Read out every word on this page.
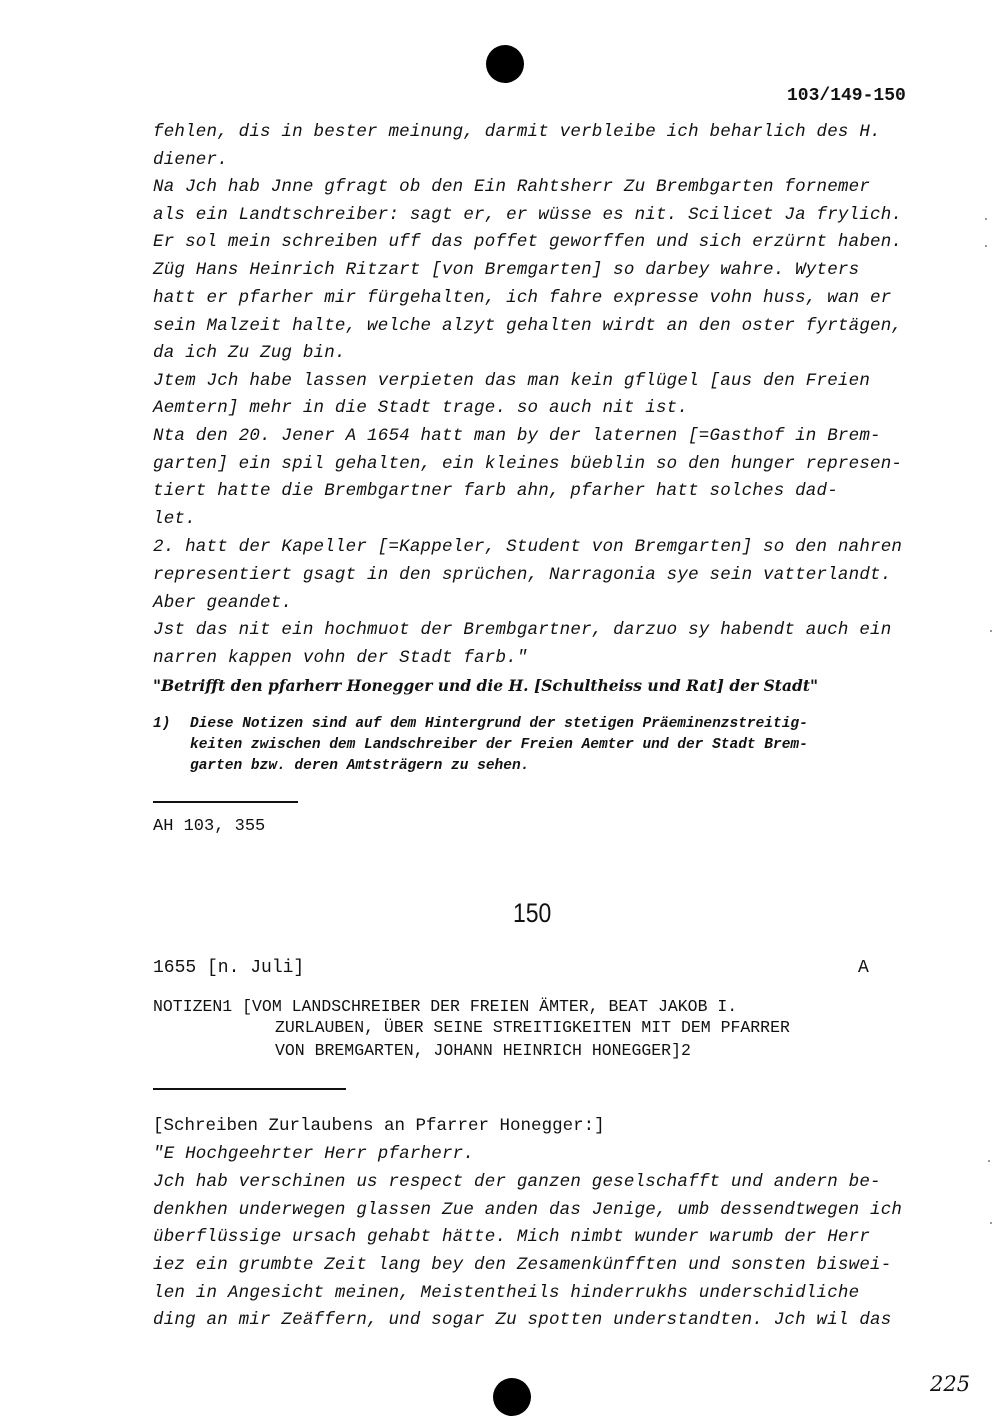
103/149-150
fehlen, dis in bester meinung, darmit verbleibe ich beharlich des H.
diener.
Na Jch hab Jnne gfragt ob den Ein Rahtsherr Zu Brembgarten fornemer
als ein Landtschreiber: sagt er, er wüsse es nit. Scilicet Ja frylich.
Er sol mein schreiben uff das poffet geworffen und sich erzürnt haben.
Züg Hans Heinrich Ritzart [von Bremgarten] so darbey wahre. Wyters
hatt er pfarher mir fürgehalten, ich fahre expresse vohn huss, wan er
sein Malzeit halte, welche alzyt gehalten wirdt an den oster fyrtägen,
da ich Zu Zug bin.
Jtem Jch habe lassen verpieten das man kein gflügel [aus den Freien
Aemtern] mehr in die Stadt trage. so auch nit ist.
Nta den 20. Jener A 1654 hatt man by der laternen [=Gasthof in Brem-
garten] ein spil gehalten, ein kleines büeblin so den hunger represen-
tiert hatte die Brembgartner farb ahn, pfarher hatt solches dad-
let.
2. hatt der Kapeller [=Kappeler, Student von Bremgarten] so den nahren
representiert gsagt in den sprüchen, Narragonia sye sein vatterlandt.
Aber geandet.
Jst das nit ein hochmuot der Brembgartner, darzuo sy habendt auch ein
narren kappen vohn der Stadt farb."
"Betrifft den pfarherr Honegger und die H. [Schultheiss und Rat] der Stadt"
1) Diese Notizen sind auf dem Hintergrund der stetigen Präeminenzstreitig-
keiten zwischen dem Landschreiber der Freien Aemter und der Stadt Brem-
garten bzw. deren Amtsträgern zu sehen.
AH 103, 355
150
1655 [n. Juli]	A
NOTIZEN1 [VOM LANDSCHREIBER DER FREIEN ÄMTER, BEAT JAKOB I.
ZURLAUBEN, ÜBER SEINE STREITIGKEITEN MIT DEM PFARRER
VON BREMGARTEN, JOHANN HEINRICH HONEGGER]2
[Schreiben Zurlaubens an Pfarrer Honegger:]
"E Hochgeehrter Herr pfarherr.
Jch hab verschinen us respect der ganzen geselschafft und andern be-
denkhen underwegen glassen Zue anden das Jenige, umb dessendtwegen ich
überflüssige ursach gehabt hätte. Mich nimbt wunder warumb der Herr
iez ein grumbte Zeit lang bey den Zesamenkünfften und sonsten biswei-
len in Angesicht meinen, Meistentheils hinderrukhs underschidliche
ding an mir Zeäffern, und sogar Zu spotten understandten. Jch wil das
225
